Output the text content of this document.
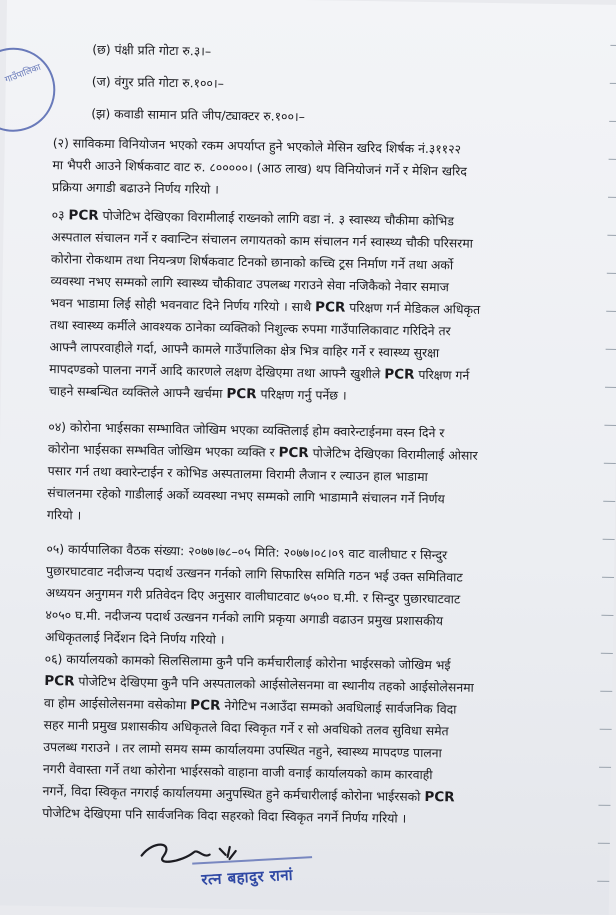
गाउँपालिका
(छ) पंक्षी प्रति गोटा रु.३।–
(ज) वंगुर प्रति गोटा रु.१००।–
(झ) कवाडी सामान प्रति जीप/ट्याक्टर रु.१००।–
(२) साविकमा विनियोजन भएको रकम अपर्याप्त हुने भएकोले मेसिन खरिद शिर्षक नं.३११२२
मा भैपरी आउने शिर्षकवाट वाट रु. ८०००००। (आठ लाख) थप विनियोजनं गर्ने र मेशिन खरिद
प्रक्रिया अगाडी बढाउने निर्णय गरियो ।
०३ PCR पोजेटिभ देखिएका विरामीलाई राख्नको लागि वडा नं. ३ स्वास्थ्य चौकीमा कोभिड
अस्पताल संचालन गर्ने र क्वान्टिन संचालन लगायतको काम संचालन गर्न स्वास्थ्य चौकी परिसरमा
कोरोना रोकथाम तथा नियन्त्रण शिर्षकवाट टिनको छानाको कच्चि ट्रस निर्माण गर्ने तथा अर्को
व्यवस्था नभए सम्मको लागि स्वास्थ्य चौकीवाट उपलब्ध गराउने सेवा नजिकैको नेवार समाज
भवन भाडामा लिई सोही भवनवाट दिने निर्णय गरियो । साथै PCR परिक्षण गर्न मेडिकल अधिकृत
तथा स्वास्थ्य कर्मीले आवश्यक ठानेका व्यक्तिको निशुल्क रुपमा गाउँपालिकावाट गरिदिने तर
आफ्नै लापरवाहीले गर्दा, आफ्नै कामले गाउँपालिका क्षेत्र भित्र वाहिर गर्ने र स्वास्थ्य सुरक्षा
मापदण्डको पालना नगर्ने आदि कारणले लक्षण देखिएमा तथा आफ्नै खुशीले PCR परिक्षण गर्न
चाहने सम्बन्धित व्यक्तिले आफ्नै खर्चमा PCR परिक्षण गर्नु पर्नेछ ।
०४) कोरोना भाईसका सम्भावित जोखिम भएका व्यक्तिलाई होम क्वारेन्टाईनमा वस्न दिने र
कोरोना भाईसका सम्भवित जोखिम भएका व्यक्ति र PCR पोजेटिभ देखिएका विरामीलाई ओसार
पसार गर्न तथा क्वारेन्टाईन र कोभिड अस्पतालमा विरामी लैजान र ल्याउन हाल भाडामा
संचालनमा रहेको गाडीलाई अर्को व्यवस्था नभए सम्मको लागि भाडामानै संचालन गर्ने निर्णय
गरियो ।
०५) कार्यपालिका वैठक संख्या: २०७७।७८–०५ मिति: २०७७।०८।०९ वाट वालीघाट र सिन्दुर
पुछारघाटवाट नदीजन्य पदार्थ उत्खनन गर्नको लागि सिफारिस समिति गठन भई उक्त समितिवाट
अध्ययन अनुगमन गरी प्रतिवेदन दिए अनुसार वालीघाटवाट ७५०० घ.मी. र सिन्दुर पुछारघाटवाट
४०५० घ.मी. नदीजन्य पदार्थ उत्खनन गर्नको लागि प्रकृया अगाडी वढाउन प्रमुख प्रशासकीय
अधिकृतलाई निर्देशन दिने निर्णय गरियो ।
०६) कार्यालयको कामको सिलसिलामा कुनै पनि कर्मचारीलाई कोरोना भाईरसको जोखिम भई
PCR पोजेटिभ देखिएमा कुनै पनि अस्पतालको आईसोलेसनमा वा स्थानीय तहको आईसोलेसनमा
वा होम आईसोलेसनमा वसेकोमा PCR नेगेटिभ नआउँदा सम्मको अवधिलाई सार्वजनिक विदा
सहर मानी प्रमुख प्रशासकीय अधिकृतले विदा स्विकृत गर्ने र सो अवधिको तलव सुविधा समेत
उपलब्ध गराउने । तर लामो समय सम्म कार्यालयमा उपस्थित नहुने, स्वास्थ्य मापदण्ड पालना
नगरी वेवास्ता गर्ने तथा कोरोना भाईरसको वाहाना वाजी वनाई कार्यालयको काम कारवाही
नगर्ने, विदा स्विकृत नगराई कार्यालयमा अनुपस्थित हुने कर्मचारीलाई कोरोना भाईरसको PCR
पोजेटिभ देखिएमा पनि सार्वजनिक विदा सहरको विदा स्विकृत नगर्ने निर्णय गरियो ।
रत्न बहादुर रानां
